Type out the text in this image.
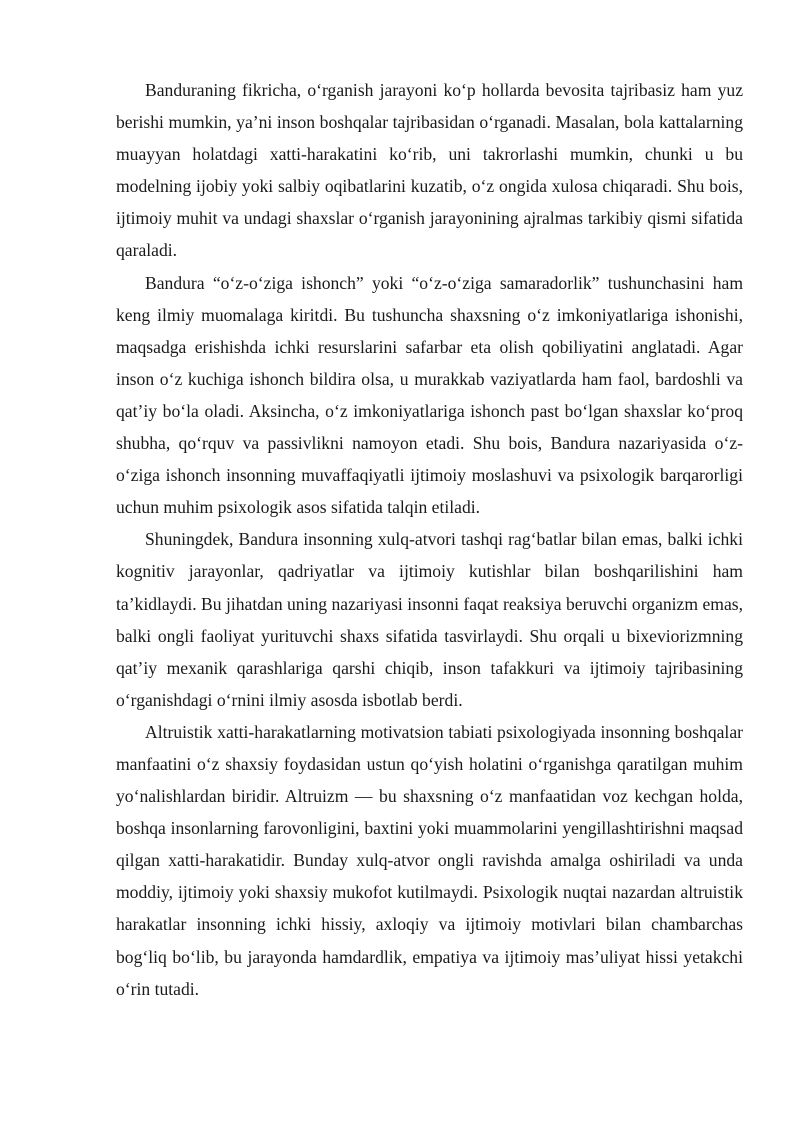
Banduraning fikricha, oʻrganish jarayoni koʻp hollarda bevosita tajribasiz ham yuz berishi mumkin, yaʼni inson boshqalar tajribasidan oʻrganadi. Masalan, bola kattalarning muayyan holatdagi xatti-harakatini koʻrib, uni takrorlashi mumkin, chunki u bu modelning ijobiy yoki salbiy oqibatlarini kuzatib, oʻz ongida xulosa chiqaradi. Shu bois, ijtimoiy muhit va undagi shaxslar oʻrganish jarayonining ajralmas tarkibiy qismi sifatida qaraladi.

Bandura “oʻz-oʻziga ishonch” yoki “oʻz-oʻziga samaradorlik” tushunchasini ham keng ilmiy muomalaga kiritdi. Bu tushuncha shaxsning oʻz imkoniyatlariga ishonishi, maqsadga erishishda ichki resurslarini safarbar eta olish qobiliyatini anglatadi. Agar inson oʻz kuchiga ishonch bildira olsa, u murakkab vaziyatlarda ham faol, bardoshli va qatʼiy boʻla oladi. Aksincha, oʻz imkoniyatlariga ishonch past boʻlgan shaxslar koʻproq shubha, qoʻrquv va passivlikni namoyon etadi. Shu bois, Bandura nazariyasida oʻz-oʻziga ishonch insonning muvaffaqiyatli ijtimoiy moslashuvi va psixologik barqarorligi uchun muhim psixologik asos sifatida talqin etiladi.

Shuningdek, Bandura insonning xulq-atvori tashqi ragʻbatlar bilan emas, balki ichki kognitiv jarayonlar, qadriyatlar va ijtimoiy kutishlar bilan boshqarilishini ham taʼkidlaydi. Bu jihatdan uning nazariyasi insonni faqat reaksiya beruvchi organizm emas, balki ongli faoliyat yurituvchi shaxs sifatida tasvirlaydi. Shu orqali u bixeviorizmning qatʼiy mexanik qarashlariga qarshi chiqib, inson tafakkuri va ijtimoiy tajribasining oʻrganishdagi oʻrnini ilmiy asosda isbotlab berdi.

Altruistik xatti-harakatlarning motivatsion tabiati psixologiyada insonning boshqalar manfaatini oʻz shaxsiy foydasidan ustun qoʻyish holatini oʻrganishga qaratilgan muhim yoʻnalishlardan biridir. Altruizm — bu shaxsning oʻz manfaatidan voz kechgan holda, boshqa insonlarning farovonligini, baxtini yoki muammolarini yengillashtirishni maqsad qilgan xatti-harakatidir. Bunday xulq-atvor ongli ravishda amalga oshiriladi va unda moddiy, ijtimoiy yoki shaxsiy mukofot kutilmaydi. Psixologik nuqtai nazardan altruistik harakatlar insonning ichki hissiy, axloqiy va ijtimoiy motivlari bilan chambarchas bogʻliq boʻlib, bu jarayonda hamdardlik, empatiya va ijtimoiy masʼuliyat hissi yetakchi oʻrin tutadi.
